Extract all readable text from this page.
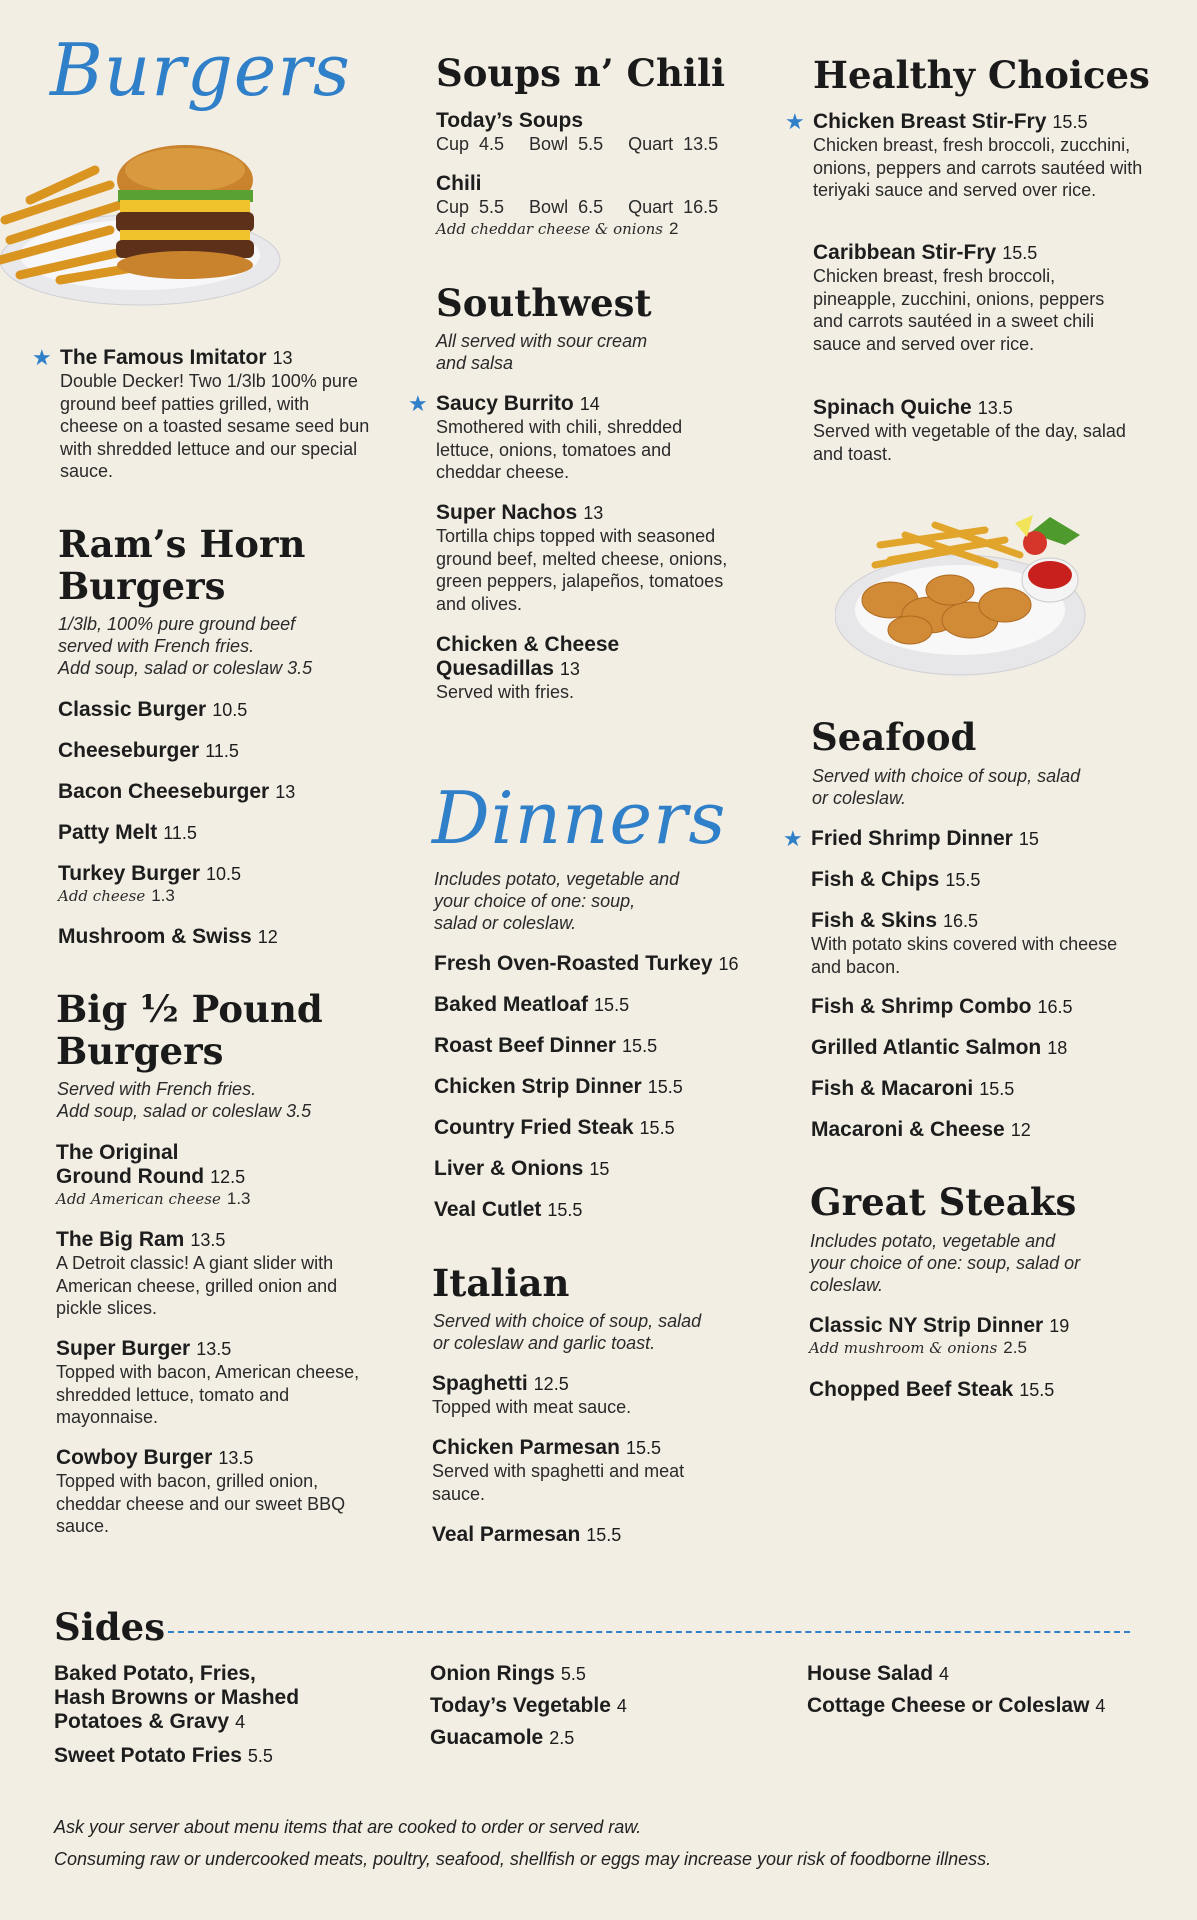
Burgers
★ The Famous Imitator 13
Double Decker! Two 1/3lb 100% pure ground beef patties grilled, with cheese on a toasted sesame seed bun with shredded lettuce and our special sauce.
Ram’s Horn
Burgers
1/3lb, 100% pure ground beef
served with French fries.
Add soup, salad or coleslaw 3.5
Classic Burger 10.5
Cheeseburger 11.5
Bacon Cheeseburger 13
Patty Melt 11.5
Turkey Burger 10.5
Add cheese 1.3
Mushroom & Swiss 12
Big ½ Pound
Burgers
Served with French fries.
Add soup, salad or coleslaw 3.5
The Original
Ground Round 12.5
Add American cheese 1.3
The Big Ram 13.5
A Detroit classic! A giant slider with American cheese, grilled onion and pickle slices.
Super Burger 13.5
Topped with bacon, American cheese, shredded lettuce, tomato and mayonnaise.
Cowboy Burger 13.5
Topped with bacon, grilled onion, cheddar cheese and our sweet BBQ sauce.
Soups n’ Chili
Today’s Soups
Cup  4.5     Bowl  5.5     Quart  13.5
Chili
Cup  5.5     Bowl  6.5     Quart  16.5
Add cheddar cheese & onions 2
Southwest
All served with sour cream
and salsa
★ Saucy Burrito 14
Smothered with chili, shredded lettuce, onions, tomatoes and cheddar cheese.
Super Nachos 13
Tortilla chips topped with seasoned ground beef, melted cheese, onions, green peppers, jalapeños, tomatoes and olives.
Chicken & Cheese
Quesadillas 13
Served with fries.
Dinners
Includes potato, vegetable and
your choice of one: soup,
salad or coleslaw.
Fresh Oven-Roasted Turkey 16
Baked Meatloaf 15.5
Roast Beef Dinner 15.5
Chicken Strip Dinner 15.5
Country Fried Steak 15.5
Liver & Onions 15
Veal Cutlet 15.5
Italian
Served with choice of soup, salad
or coleslaw and garlic toast.
Spaghetti 12.5
Topped with meat sauce.
Chicken Parmesan 15.5
Served with spaghetti and meat sauce.
Veal Parmesan 15.5
Healthy Choices
★ Chicken Breast Stir-Fry 15.5
Chicken breast, fresh broccoli, zucchini, onions, peppers and carrots sautéed with teriyaki sauce and served over rice.
Caribbean Stir-Fry 15.5
Chicken breast, fresh broccoli, pineapple, zucchini, onions, peppers and carrots sautéed in a sweet chili sauce and served over rice.
Spinach Quiche 13.5
Served with vegetable of the day, salad and toast.
Seafood
Served with choice of soup, salad
or coleslaw.
★ Fried Shrimp Dinner 15
Fish & Chips 15.5
Fish & Skins 16.5
With potato skins covered with cheese and bacon.
Fish & Shrimp Combo 16.5
Grilled Atlantic Salmon 18
Fish & Macaroni 15.5
Macaroni & Cheese 12
Great Steaks
Includes potato, vegetable and
your choice of one: soup, salad or
coleslaw.
Classic NY Strip Dinner 19
Add mushroom & onions 2.5
Chopped Beef Steak 15.5
Sides
Baked Potato, Fries,
Hash Browns or Mashed
Potatoes & Gravy 4
Sweet Potato Fries 5.5
Onion Rings 5.5
Today’s Vegetable 4
Guacamole 2.5
House Salad 4
Cottage Cheese or Coleslaw 4
Ask your server about menu items that are cooked to order or served raw.
Consuming raw or undercooked meats, poultry, seafood, shellfish or eggs may increase your risk of foodborne illness.
